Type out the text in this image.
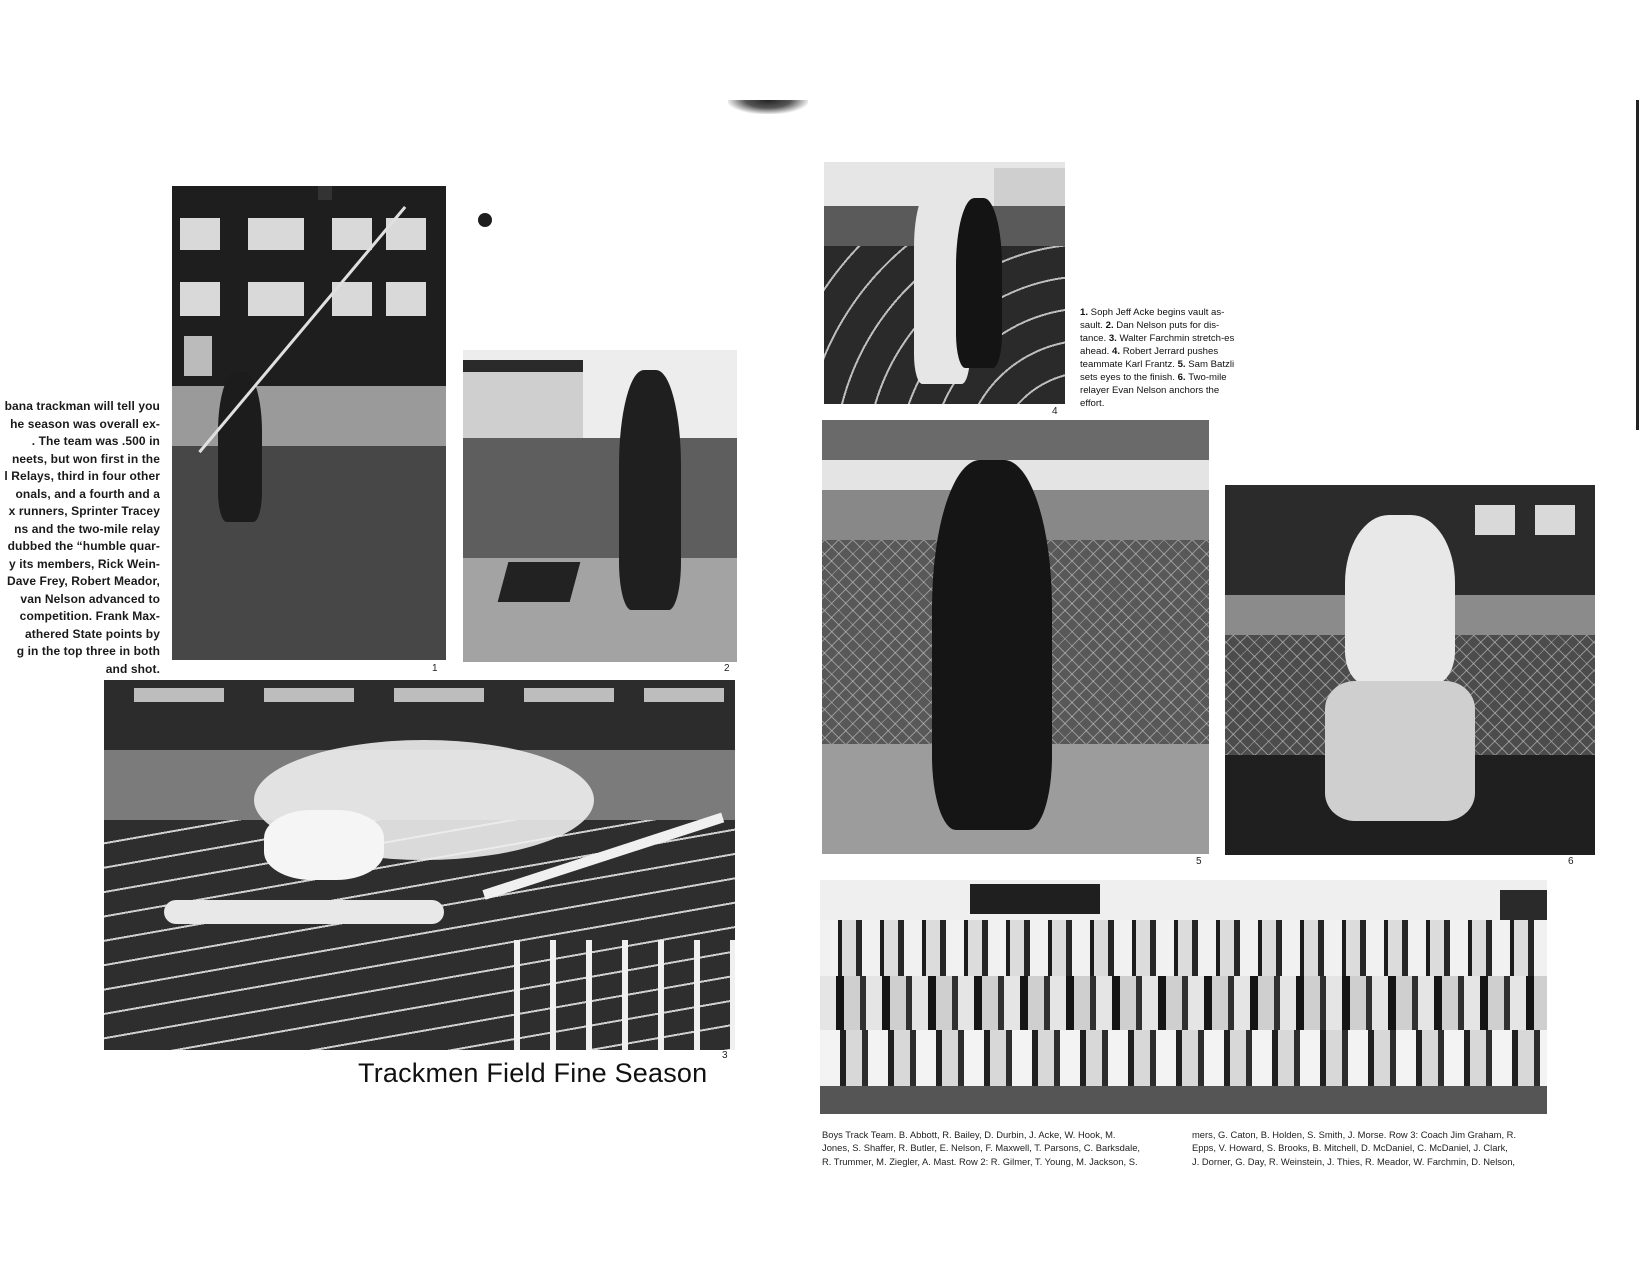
bana trackman will tell you
he season was overall ex-
. The team was .500 in
neets, but won first in the
l Relays, third in four other
onals, and a fourth and a
x runners, Sprinter Tracey
ns and the two-mile relay
dubbed the “humble quar-
y its members, Rick Wein-
Dave Frey, Robert Meador,
van Nelson advanced to
competition. Frank Max-
athered State points by
g in the top three in both
and shot.	1	2
3
Trackmen Field Fine Season
4
1. Soph Jeff Acke begins vault as-sault. 2. Dan Nelson puts for dis-tance. 3. Walter Farchmin stretch-es ahead. 4. Robert Jerrard pushes teammate Karl Frantz. 5. Sam Batzli sets eyes to the finish. 6. Two-mile relayer Evan Nelson anchors the effort.
5	6
Boys Track Team. B. Abbott, R. Bailey, D. Durbin, J. Acke, W. Hook, M.
Jones, S. Shaffer, R. Butler, E. Nelson, F. Maxwell, T. Parsons, C. Barksdale,
R. Trummer, M. Ziegler, A. Mast. Row 2: R. Gilmer, T. Young, M. Jackson, S.
mers, G. Caton, B. Holden, S. Smith, J. Morse. Row 3: Coach Jim Graham, R.
Epps, V. Howard, S. Brooks, B. Mitchell, D. McDaniel, C. McDaniel, J. Clark,
J. Dorner, G. Day, R. Weinstein, J. Thies, R. Meador, W. Farchmin, D. Nelson,
